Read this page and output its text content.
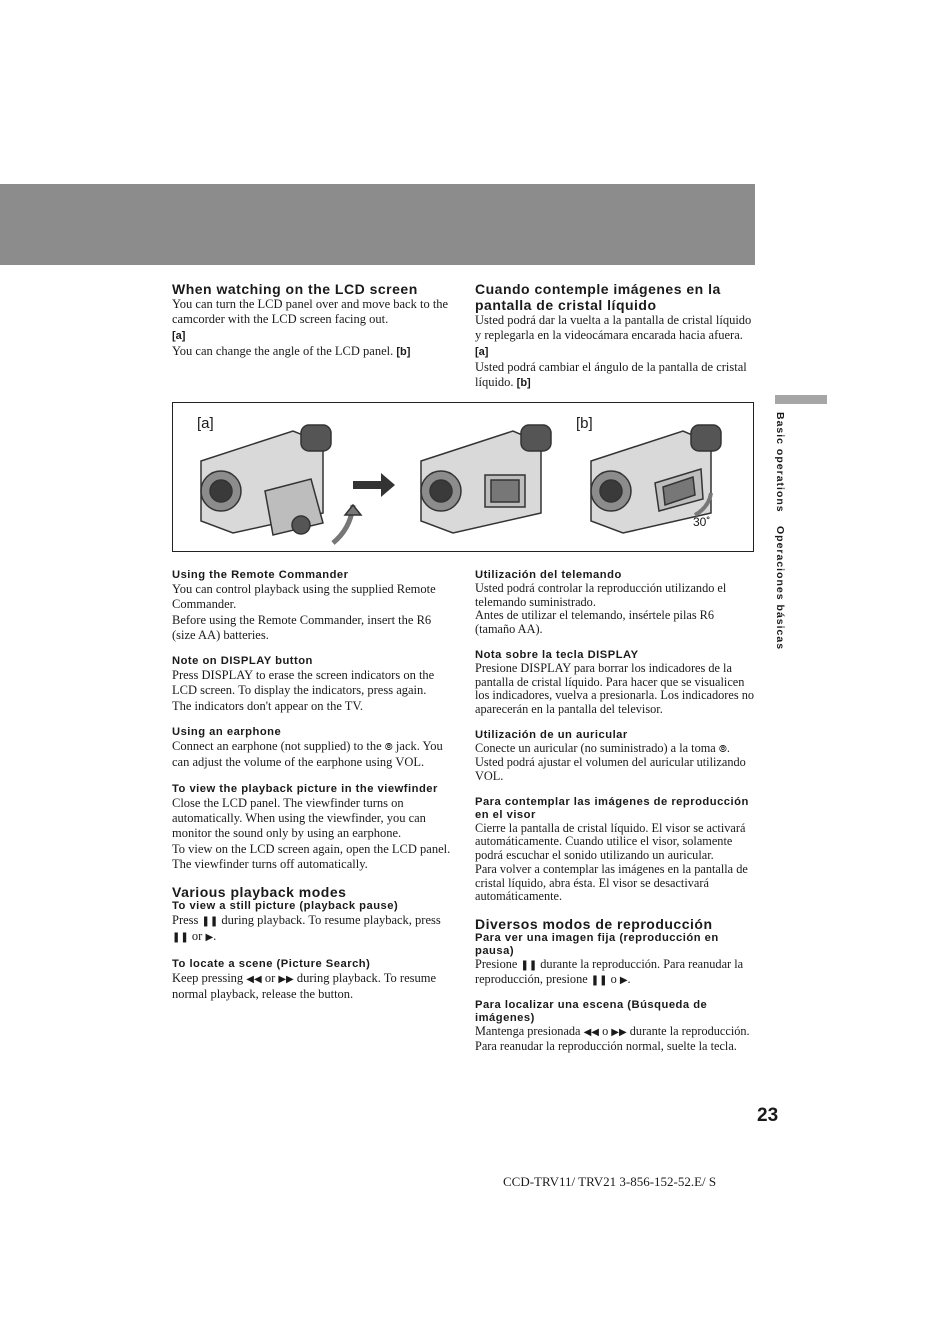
When watching on the LCD screen

You can turn the LCD panel over and move back to the camcorder with the LCD screen facing out.

[a]

You can change the angle of the LCD panel. [b]

Cuando contemple imágenes en la pantalla de cristal líquido

Usted podrá dar la vuelta a la pantalla de cristal líquido y replegarla en la videocámara encarada hacia afuera. [a]

Usted podrá cambiar el ángulo de la pantalla de cristal líquido. [b]

[a]	[b]
30˚
Using the Remote Commander

You can control playback using the supplied Remote Commander.

Before using the Remote Commander, insert the R6 (size AA) batteries.

Note on DISPLAY button

Press DISPLAY to erase the screen indicators on the LCD screen. To display the indicators, press again.

The indicators don't appear on the TV.

Using an earphone

Connect an earphone (not supplied) to the ⦾ jack. You can adjust the volume of the earphone using VOL.

To view the playback picture in the viewfinder

Close the LCD panel. The viewfinder turns on automatically. When using the viewfinder, you can monitor the sound only by using an earphone.

To view on the LCD screen again, open the LCD panel. The viewfinder turns off automatically.

Various playback modes
To view a still picture (playback pause)

Press ❚❚ during playback. To resume playback, press ❚❚ or ▶.

To locate a scene (Picture Search)

Keep pressing ◀◀ or ▶▶ during playback. To resume normal playback, release the button.

Utilización del telemando

Usted podrá controlar la reproducción utilizando el telemando suministrado.

Antes de utilizar el telemando, insértele pilas R6 (tamaño AA).

Nota sobre la tecla DISPLAY

Presione DISPLAY para borrar los indicadores de la pantalla de cristal líquido. Para hacer que se visualicen los indicadores, vuelva a presionarla. Los indicadores no aparecerán en la pantalla del televisor.

Utilización de un auricular

Conecte un auricular (no suministrado) a la toma ⦾. Usted podrá ajustar el volumen del auricular utilizando VOL.

Para contemplar las imágenes de reproducción en el visor

Cierre la pantalla de cristal líquido. El visor se activará automáticamente. Cuando utilice el visor, solamente podrá escuchar el sonido utilizando un auricular.

Para volver a contemplar las imágenes en la pantalla de cristal líquido, abra ésta. El visor se desactivará automáticamente.

Diversos modos de reproducción
Para ver una imagen fija (reproducción en pausa)

Presione ❚❚ durante la reproducción. Para reanudar la reproducción, presione ❚❚ o ▶.

Para localizar una escena (Búsqueda de imágenes)

Mantenga presionada ◀◀ o ▶▶ durante la reproducción. Para reanudar la reproducción normal, suelte la tecla.

Basic operations
Operaciones básicas
23
CCD-TRV11/ TRV21 3-856-152-52.E/ S
